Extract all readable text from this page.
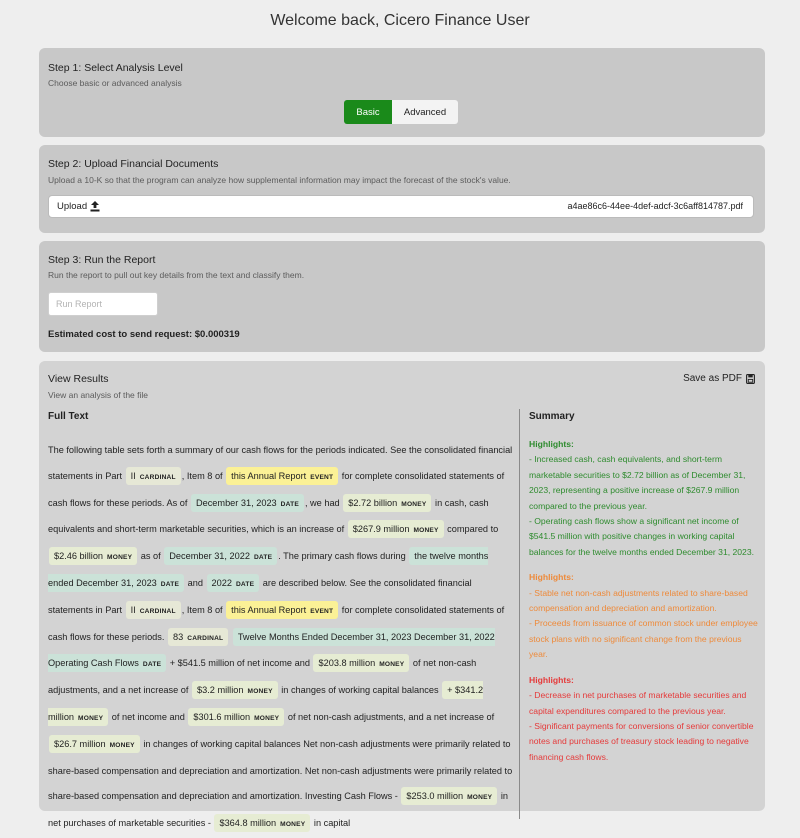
Welcome back, Cicero Finance User
Step 1: Select Analysis Level
Choose basic or advanced analysis
Basic	Advanced
Step 2: Upload Financial Documents
Upload a 10-K so that the program can analyze how supplemental information may impact the forecast of the stock's value.
Upload	a4ae86c6-44ee-4def-adcf-3c6aff814787.pdf
Step 3: Run the Report
Run the report to pull out key details from the text and classify them.
Run Report
Estimated cost to send request: $0.000319
View Results
View an analysis of the file
Save as PDF
Full Text	Summary
The following table sets forth a summary of our cash flows for the periods indicated. See the consolidated financial statements in Part II CARDINAL , Item 8 of this Annual Report EVENT for complete consolidated statements of cash flows for these periods. As of December 31, 2023 DATE , we had $2.72 billion MONEY in cash, cash equivalents and short-term marketable securities, which is an increase of $267.9 million MONEY compared to $2.46 billion MONEY as of December 31, 2022 DATE . The primary cash flows during the twelve months ended December 31, 2023 DATE and 2022 DATE are described below. See the consolidated financial statements in Part II CARDINAL , Item 8 of this Annual Report EVENT for complete consolidated statements of cash flows for these periods. 83 CARDINAL Twelve Months Ended December 31, 2023 December 31, 2022 Operating Cash Flows DATE + $541.5 million of net income and $203.8 million MONEY of net non-cash adjustments, and a net increase of $3.2 million MONEY in changes of working capital balances + $341.2 million MONEY of net income and $301.6 million MONEY of net non-cash adjustments, and a net increase of $26.7 million MONEY in changes of working capital balances Net non-cash adjustments were primarily related to share-based compensation and depreciation and amortization. Net non-cash adjustments were primarily related to share-based compensation and depreciation and amortization. Investing Cash Flows - $253.0 million MONEY in net purchases of marketable securities - $364.8 million MONEY in capital
Highlights:
- Increased cash, cash equivalents, and short-term marketable securities to $2.72 billion as of December 31, 2023, representing a positive increase of $267.9 million compared to the previous year.
- Operating cash flows show a significant net income of $541.5 million with positive changes in working capital balances for the twelve months ended December 31, 2023.
Highlights:
- Stable net non-cash adjustments related to share-based compensation and depreciation and amortization.
- Proceeds from issuance of common stock under employee stock plans with no significant change from the previous year.
Highlights:
- Decrease in net purchases of marketable securities and capital expenditures compared to the previous year.
- Significant payments for conversions of senior convertible notes and purchases of treasury stock leading to negative financing cash flows.
